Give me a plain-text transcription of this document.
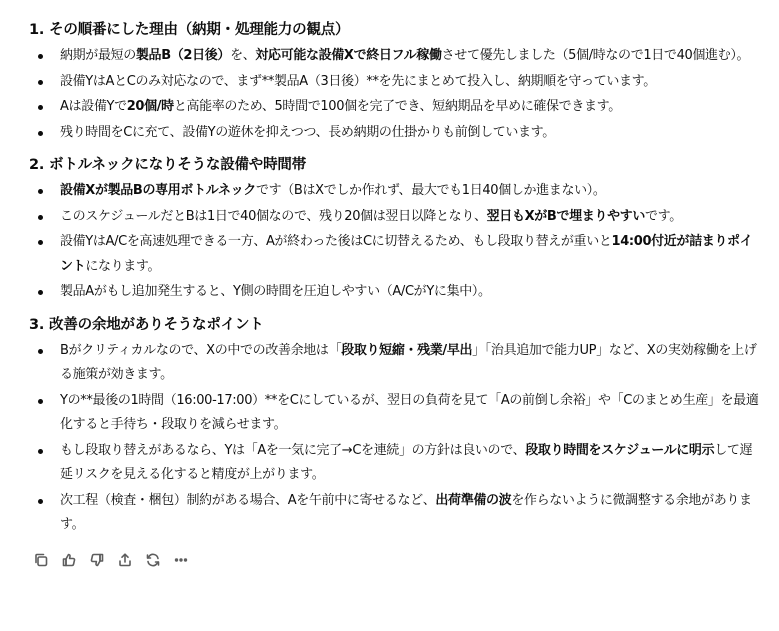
1. その順番にした理由（納期・処理能力の観点）
納期が最短の製品B（2日後）を、対応可能な設備Xで終日フル稼働させて優先しました（5個/時なので1日で40個進む）。
設備YはAとCのみ対応なので、まず**製品A（3日後）**を先にまとめて投入し、納期順を守っています。
Aは設備Yで20個/時と高能率のため、5時間で100個を完了でき、短納期品を早めに確保できます。
残り時間をCに充て、設備Yの遊休を抑えつつ、長め納期の仕掛かりも前倒しています。
2. ボトルネックになりそうな設備や時間帯
設備Xが製品Bの専用ボトルネックです（BはXでしか作れず、最大でも1日40個しか進まない）。
このスケジュールだとBは1日で40個なので、残り20個は翌日以降となり、翌日もXがBで埋まりやすいです。
設備YはA/Cを高速処理できる一方、Aが終わった後はCに切替えるため、もし段取り替えが重いと14:00付近が詰まりポイントになります。
製品Aがもし追加発生すると、Y側の時間を圧迫しやすい（A/CがYに集中）。
3. 改善の余地がありそうなポイント
Bがクリティカルなので、Xの中での改善余地は「段取り短縮・残業/早出」「治具追加で能力UP」など、Xの実効稼働を上げる施策が効きます。
Yの**最後の1時間（16:00-17:00）**をCにしているが、翌日の負荷を見て「Aの前倒し余裕」や「Cのまとめ生産」を最適化すると手待ち・段取りを減らせます。
もし段取り替えがあるなら、Yは「Aを一気に完了→Cを連続」の方針は良いので、段取り時間をスケジュールに明示して遅延リスクを見える化すると精度が上がります。
次工程（検査・梱包）制約がある場合、Aを午前中に寄せるなど、出荷準備の波を作らないように微調整する余地があります。
